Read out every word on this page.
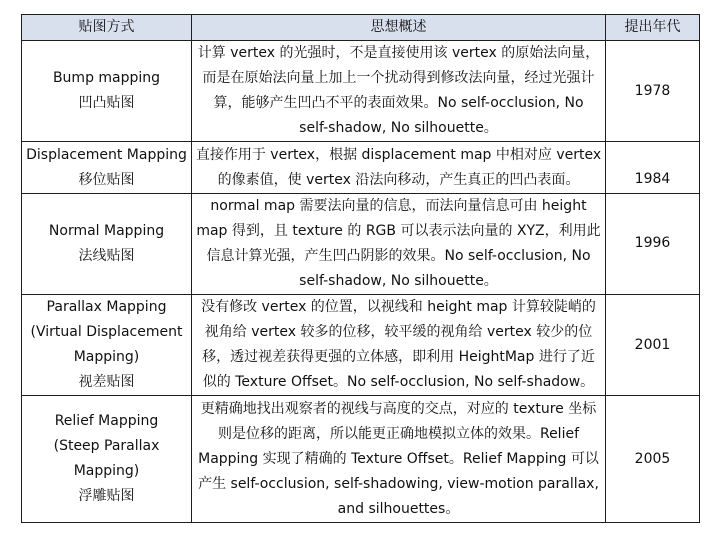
贴图方式	思想概述	提出年代

Bump mapping
凹凸贴图	计算 vertex 的光强时，不是直接使用该 vertex 的原始法向量，
而是在原始法向量上加上一个扰动得到修改法向量，经过光强计
算，能够产生凹凸不平的表面效果。No self-occlusion, No
self-shadow, No silhouette。	1978

Displacement Mapping
移位贴图	直接作用于 vertex，根据 displacement map 中相对应 vertex
的像素值，使 vertex 沿法向移动，产生真正的凹凸表面。	1984

Normal Mapping
法线贴图	normal map 需要法向量的信息，而法向量信息可由 height
map 得到，且 texture 的 RGB 可以表示法向量的 XYZ，利用此
信息计算光强，产生凹凸阴影的效果。No self-occlusion, No
self-shadow, No silhouette。	1996

Parallax Mapping
(Virtual Displacement
Mapping)
视差贴图	没有修改 vertex 的位置，以视线和 height map 计算较陡峭的
视角给 vertex 较多的位移，较平缓的视角给 vertex 较少的位
移，透过视差获得更强的立体感，即利用 HeightMap 进行了近
似的 Texture Offset。No self-occlusion, No self-shadow。	2001

Relief Mapping
(Steep Parallax
Mapping)
浮雕贴图	更精确地找出观察者的视线与高度的交点，对应的 texture 坐标
则是位移的距离，所以能更正确地模拟立体的效果。Relief
Mapping 实现了精确的 Texture Offset。Relief Mapping 可以
产生 self-occlusion, self-shadowing, view-motion parallax,
and silhouettes。	2005
